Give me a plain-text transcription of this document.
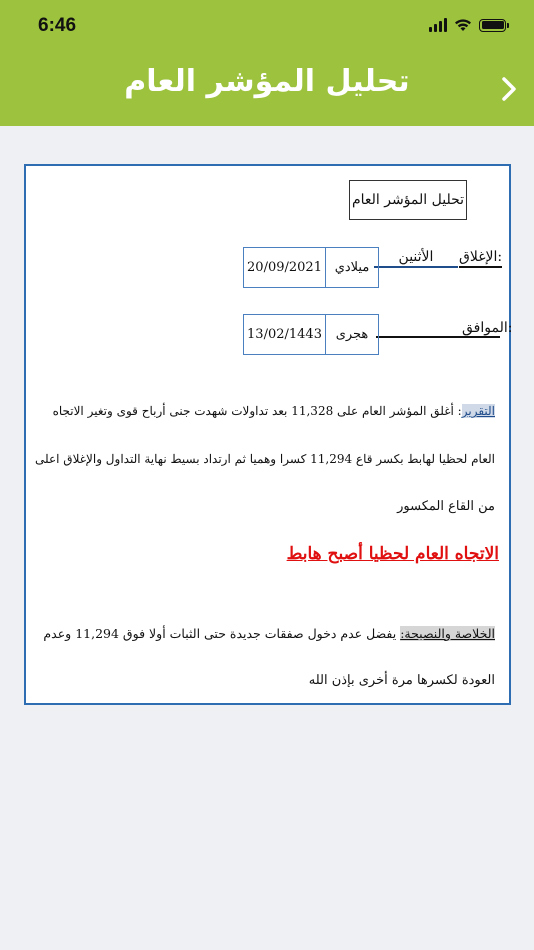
6:46
تحليل المؤشر العام
تحليل المؤشر العام
الإغلاق:
الأثنين
ميلادي
20/09/2021
الموافق:
هجرى
13/02/1443
التقرير: أغلق المؤشر العام على 11,328 بعد تداولات شهدت جنى أرباح قوى وتغير الاتجاه
العام لحظيا لهابط بكسر قاع 11,294 كسرا وهميا ثم ارتداد بسيط نهاية التداول والإغلاق اعلى
من القاع المكسور
الاتجاه العام لحظيا أصبح هابط
الخلاصة والنصيحة: يفضل عدم دخول صفقات جديدة حتى الثبات أولا فوق 11,294 وعدم
العودة لكسرها مرة أخرى بإذن الله
